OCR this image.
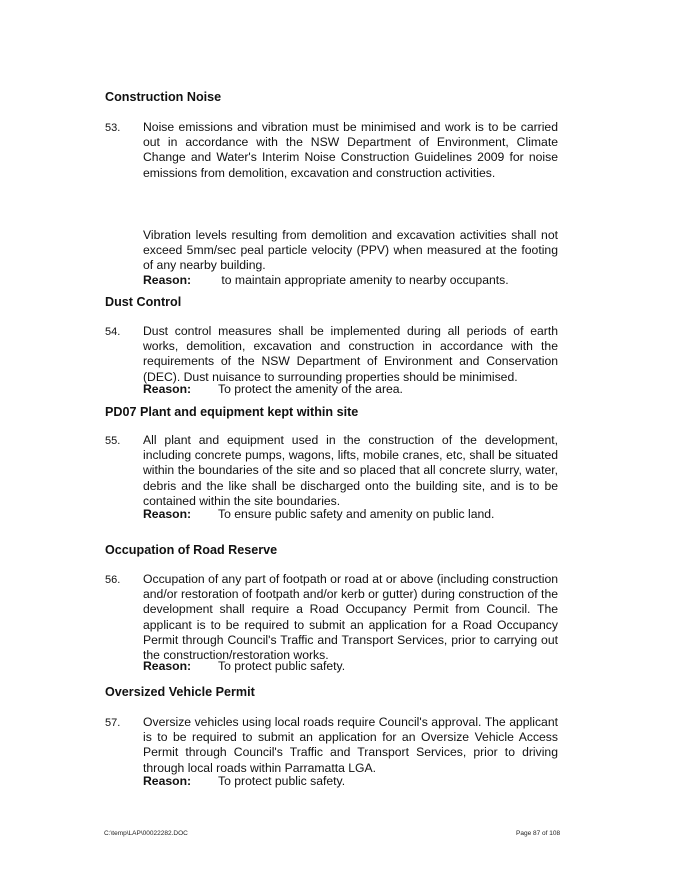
Construction Noise
53. Noise emissions and vibration must be minimised and work is to be carried out in accordance with the NSW Department of Environment, Climate Change and Water's Interim Noise Construction Guidelines 2009 for noise emissions from demolition, excavation and construction activities.
Vibration levels resulting from demolition and excavation activities shall not exceed 5mm/sec peal particle velocity (PPV) when measured at the footing of any nearby building.
Reason: to maintain appropriate amenity to nearby occupants.
Dust Control
54. Dust control measures shall be implemented during all periods of earth works, demolition, excavation and construction in accordance with the requirements of the NSW Department of Environment and Conservation (DEC). Dust nuisance to surrounding properties should be minimised.
Reason: To protect the amenity of the area.
PD07 Plant and equipment kept within site
55. All plant and equipment used in the construction of the development, including concrete pumps, wagons, lifts, mobile cranes, etc, shall be situated within the boundaries of the site and so placed that all concrete slurry, water, debris and the like shall be discharged onto the building site, and is to be contained within the site boundaries.
Reason: To ensure public safety and amenity on public land.
Occupation of Road Reserve
56. Occupation of any part of footpath or road at or above (including construction and/or restoration of footpath and/or kerb or gutter) during construction of the development shall require a Road Occupancy Permit from Council. The applicant is to be required to submit an application for a Road Occupancy Permit through Council's Traffic and Transport Services, prior to carrying out the construction/restoration works.
Reason: To protect public safety.
Oversized Vehicle Permit
57. Oversize vehicles using local roads require Council's approval. The applicant is to be required to submit an application for an Oversize Vehicle Access Permit through Council's Traffic and Transport Services, prior to driving through local roads within Parramatta LGA.
Reason: To protect public safety.
C:\temp\LAP\00022282.DOC	Page 87 of 108
